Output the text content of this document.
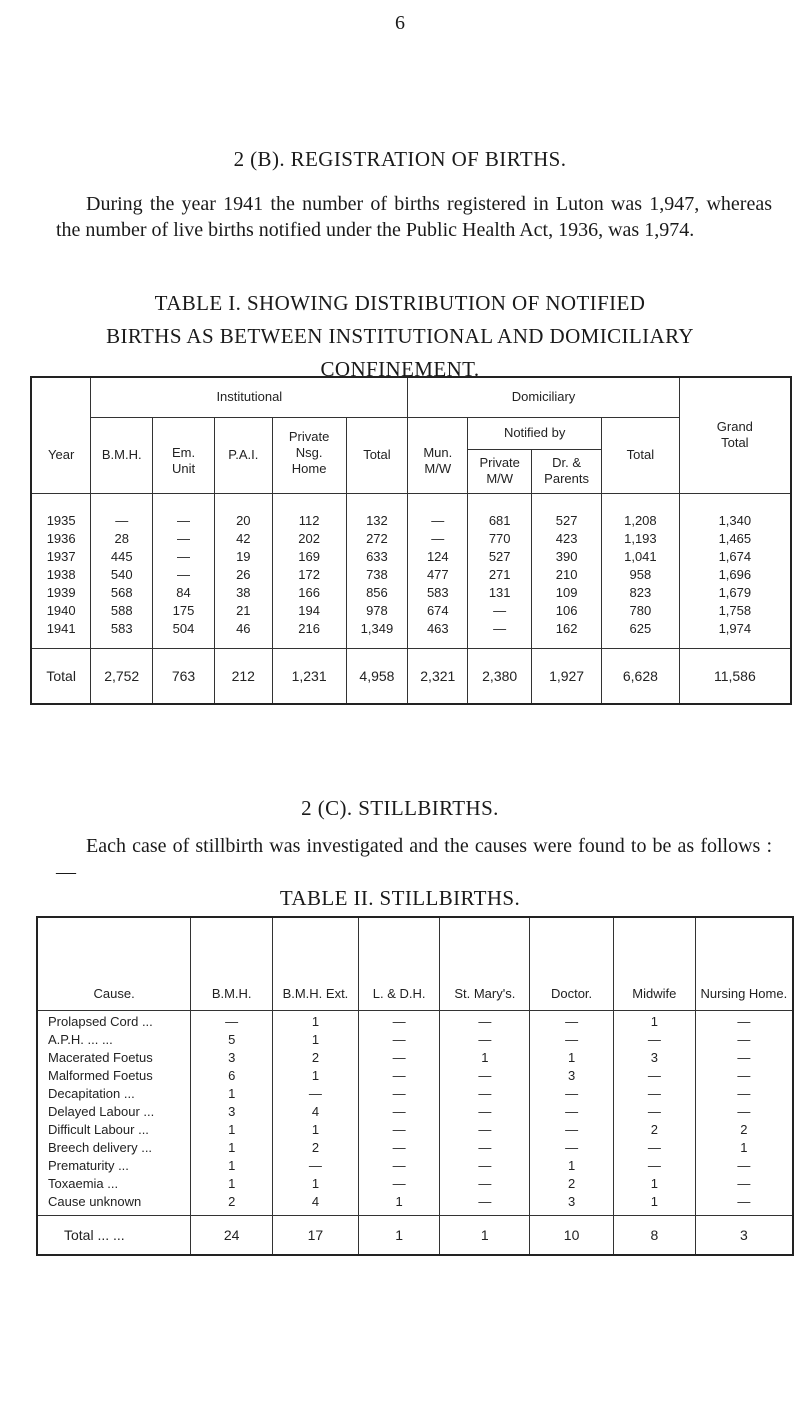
6
2 (B). REGISTRATION OF BIRTHS.
During the year 1941 the number of births registered in Luton was 1,947, whereas the number of live births notified under the Public Health Act, 1936, was 1,974.
TABLE I. SHOWING DISTRIBUTION OF NOTIFIED
BIRTHS AS BETWEEN INSTITUTIONAL AND DOMICILIARY
CONFINEMENT.
Year	Institutional					Domiciliary				Grand Total
	B.M.H.	Em. Unit	P.A.I.	Private Nsg. Home	Total	Mun. M/W	Notified by		Total	
							Private M/W	Dr. & Parents		
1935	—	—	20	112	132	—	681	527	1,208	1,340
1936	28	—	42	202	272	—	770	423	1,193	1,465
1937	445	—	19	169	633	124	527	390	1,041	1,674
1938	540	—	26	172	738	477	271	210	958	1,696
1939	568	84	38	166	856	583	131	109	823	1,679
1940	588	175	21	194	978	674	—	106	780	1,758
1941	583	504	46	216	1,349	463	—	162	625	1,974
Total	2,752	763	212	1,231	4,958	2,321	2,380	1,927	6,628	11,586
2 (C). STILLBIRTHS.
Each case of stillbirth was investigated and the causes were found to be as follows :—
TABLE II. STILLBIRTHS.
Cause.	B.M.H.	B.M.H. Ext.	L. & D.H.	St. Mary's.	Doctor.	Midwife	Nursing Home.
Prolapsed Cord ...	—	1	—	—	—	1	—
A.P.H. ... ...	5	1	—	—	—	—	—
Macerated Foetus	3	2	—	1	1	3	—
Malformed Foetus	6	1	—	—	3	—	—
Decapitation ...	1	—	—	—	—	—	—
Delayed Labour ...	3	4	—	—	—	—	—
Difficult Labour ...	1	1	—	—	—	2	2
Breech delivery ...	1	2	—	—	—	—	1
Prematurity ...	1	—	—	—	1	—	—
Toxaemia ...	1	1	—	—	2	1	—
Cause unknown	2	4	1	—	3	1	—
Total ... ...	24	17	1	1	10	8	3
